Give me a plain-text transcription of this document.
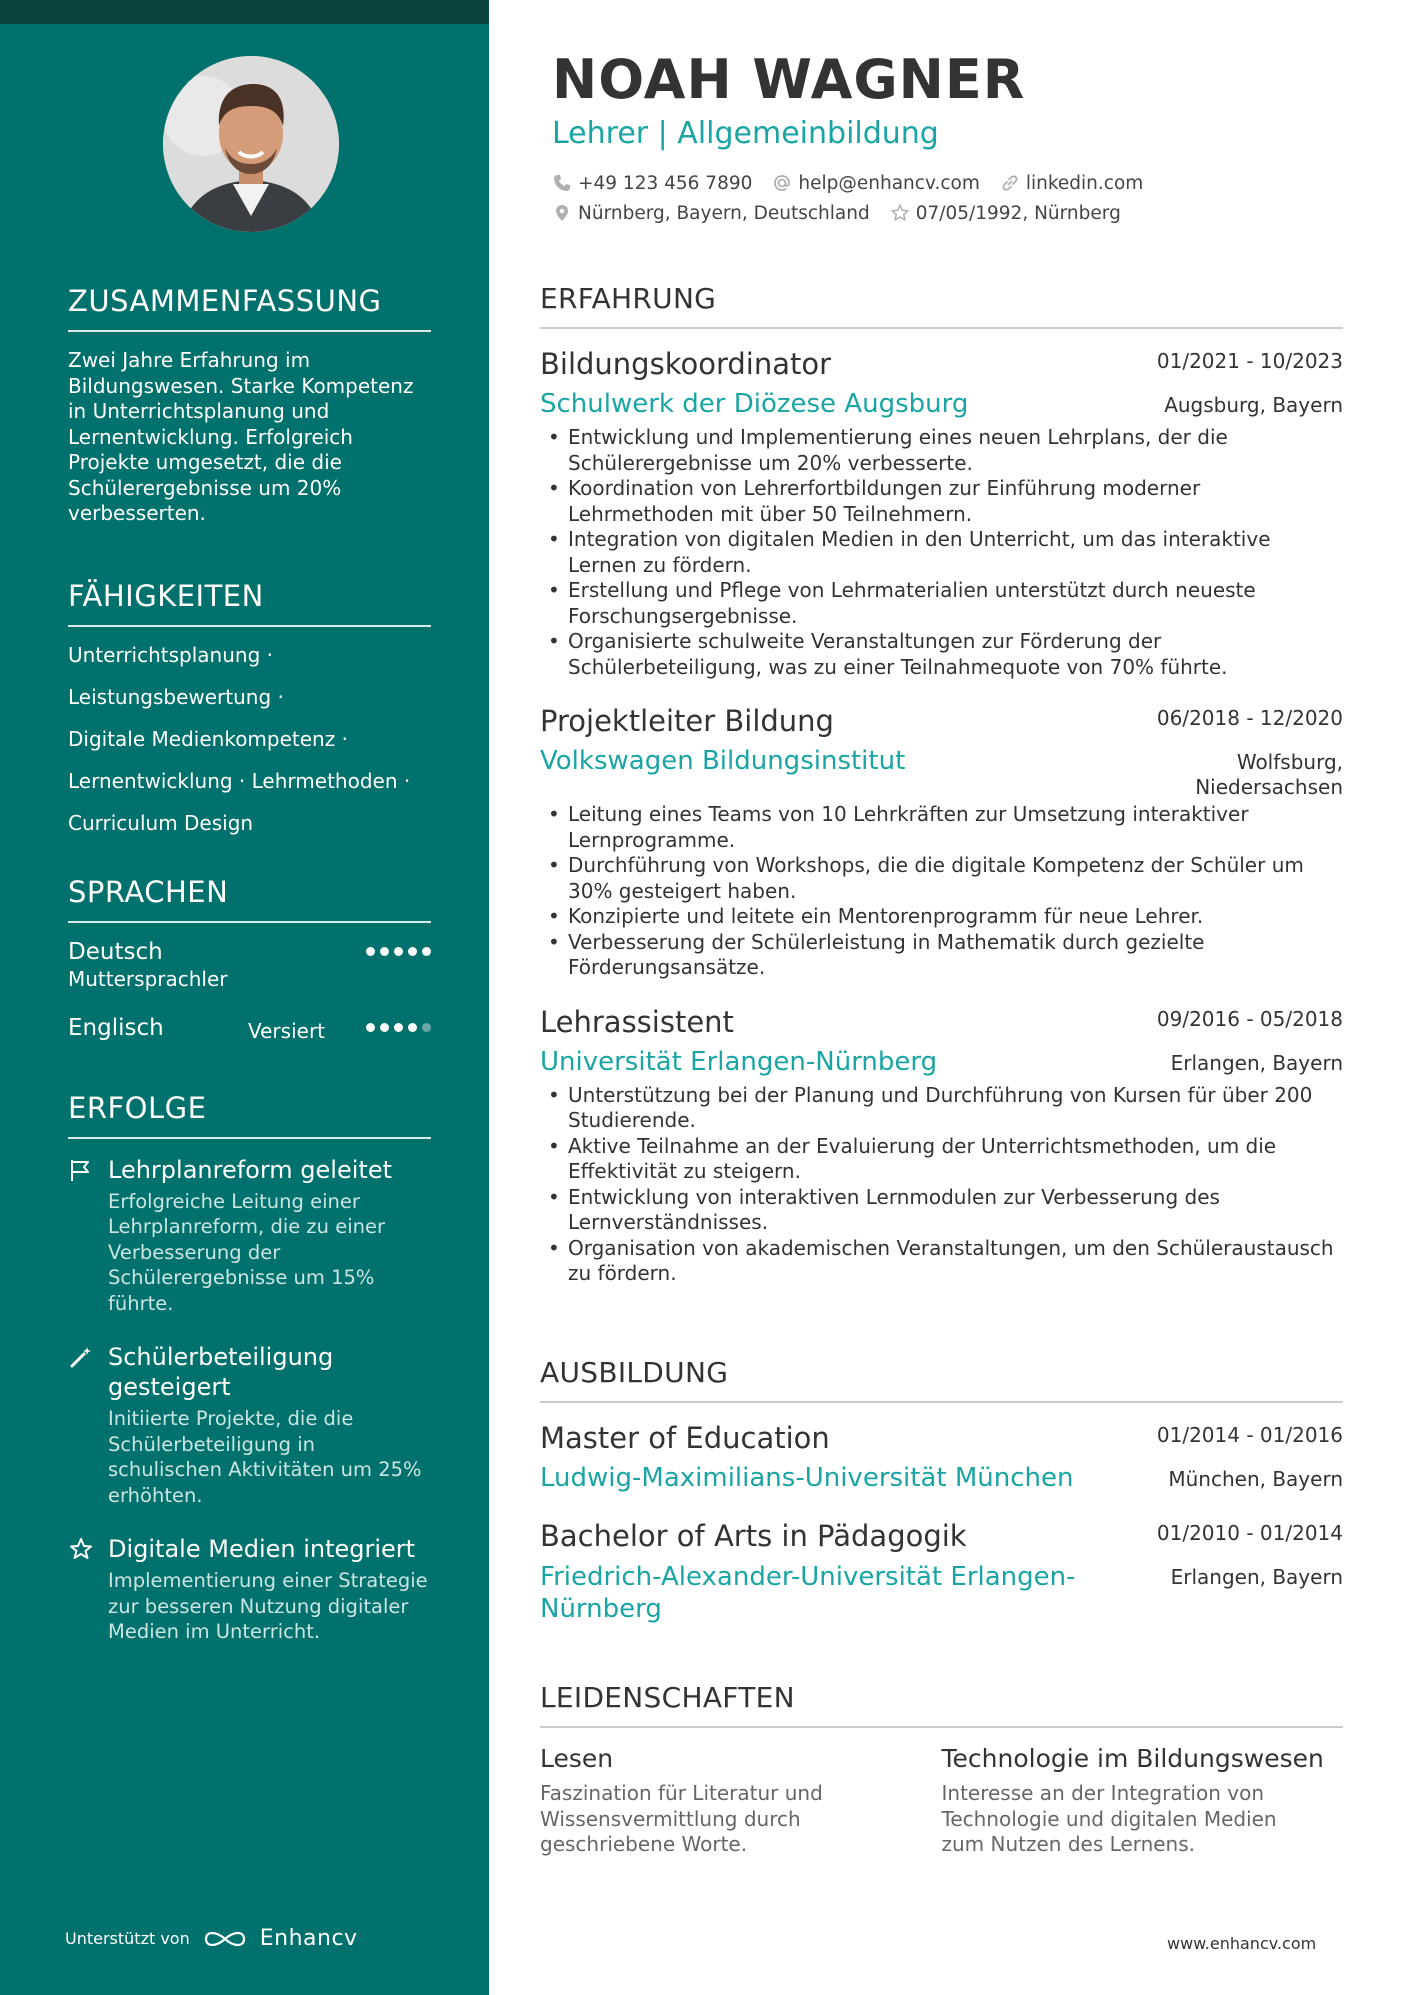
ZUSAMMENFASSUNG
Zwei Jahre Erfahrung im Bildungswesen. Starke Kompetenz in Unterrichtsplanung und Lernentwicklung. Erfolgreich Projekte umgesetzt, die die Schülerergebnisse um 20% verbesserten.
FÄHIGKEITEN
Unterrichtsplanung ·
Leistungsbewertung ·
Digitale Medienkompetenz ·
Lernentwicklung · Lehrmethoden ·
Curriculum Design
SPRACHEN
Deutsch
Muttersprachler
Englisch	Versiert
ERFOLGE
Lehrplanreform geleitet
Erfolgreiche Leitung einer Lehrplanreform, die zu einer Verbesserung der Schülerergebnisse um 15% führte.
Schülerbeteiligung gesteigert
Initiierte Projekte, die die Schülerbeteiligung in schulischen Aktivitäten um 25% erhöhten.
Digitale Medien integriert
Implementierung einer Strategie zur besseren Nutzung digitaler Medien im Unterricht.
Unterstützt von	Enhancv
NOAH WAGNER
Lehrer | Allgemeinbildung
+49 123 456 7890 help@enhancv.com linkedin.com
Nürnberg, Bayern, Deutschland 07/05/1992, Nürnberg
ERFAHRUNG
Bildungskoordinator	01/2021 - 10/2023
Schulwerk der Diözese Augsburg	Augsburg, Bayern
• Entwicklung und Implementierung eines neuen Lehrplans, der die Schülerergebnisse um 20% verbesserte.
• Koordination von Lehrerfortbildungen zur Einführung moderner Lehrmethoden mit über 50 Teilnehmern.
• Integration von digitalen Medien in den Unterricht, um das interaktive Lernen zu fördern.
• Erstellung und Pflege von Lehrmaterialien unterstützt durch neueste Forschungsergebnisse.
• Organisierte schulweite Veranstaltungen zur Förderung der Schülerbeteiligung, was zu einer Teilnahmequote von 70% führte.
Projektleiter Bildung	06/2018 - 12/2020
Volkswagen Bildungsinstitut	Wolfsburg, Niedersachsen
• Leitung eines Teams von 10 Lehrkräften zur Umsetzung interaktiver Lernprogramme.
• Durchführung von Workshops, die die digitale Kompetenz der Schüler um 30% gesteigert haben.
• Konzipierte und leitete ein Mentorenprogramm für neue Lehrer.
• Verbesserung der Schülerleistung in Mathematik durch gezielte Förderungsansätze.
Lehrassistent	09/2016 - 05/2018
Universität Erlangen-Nürnberg	Erlangen, Bayern
• Unterstützung bei der Planung und Durchführung von Kursen für über 200 Studierende.
• Aktive Teilnahme an der Evaluierung der Unterrichtsmethoden, um die Effektivität zu steigern.
• Entwicklung von interaktiven Lernmodulen zur Verbesserung des Lernverständnisses.
• Organisation von akademischen Veranstaltungen, um den Schüleraustausch zu fördern.
AUSBILDUNG
Master of Education	01/2014 - 01/2016
Ludwig-Maximilians-Universität München	München, Bayern
Bachelor of Arts in Pädagogik	01/2010 - 01/2014
Friedrich-Alexander-Universität Erlangen-Nürnberg
Erlangen, Bayern
LEIDENSCHAFTEN
Lesen
Faszination für Literatur und Wissensvermittlung durch geschriebene Worte.
Technologie im Bildungswesen
Interesse an der Integration von Technologie und digitalen Medien zum Nutzen des Lernens.
www.enhancv.com
